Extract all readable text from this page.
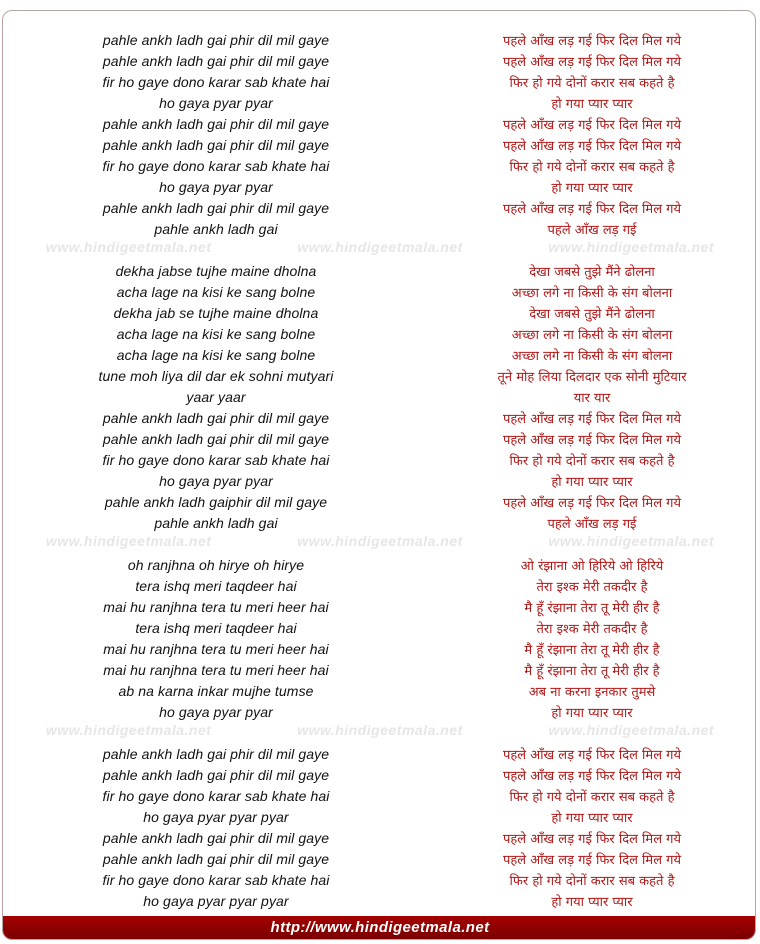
pahle ankh ladh gai phir dil mil gaye	पहले आँख लड़ गई फिर दिल मिल गये
pahle ankh ladh gai phir dil mil gaye	पहले आँख लड़ गई फिर दिल मिल गये
fir ho gaye dono karar sab khate hai	फिर हो गये दोनों करार सब कहते है
ho gaya pyar pyar	हो गया प्यार प्यार
pahle ankh ladh gai phir dil mil gaye	पहले आँख लड़ गई फिर दिल मिल गये
pahle ankh ladh gai phir dil mil gaye	पहले आँख लड़ गई फिर दिल मिल गये
fir ho gaye dono karar sab khate hai	फिर हो गये दोनों करार सब कहते है
ho gaya pyar pyar	हो गया प्यार प्यार
pahle ankh ladh gai phir dil mil gaye	पहले आँख लड़ गई फिर दिल मिल गये
pahle ankh ladh gai	पहले आँख लड़ गई
dekha jabse tujhe maine dholna	देखा जबसे तुझे मैंने ढोलना
acha lage na kisi ke sang bolne	अच्छा लगे ना किसी के संग बोलना
dekha jab se tujhe maine dholna	देखा जबसे तुझे मैंने ढोलना
acha lage na kisi ke sang bolne	अच्छा लगे ना किसी के संग बोलना
acha lage na kisi ke sang bolne	अच्छा लगे ना किसी के संग बोलना
tune moh liya dil dar ek sohni mutyari	तूने मोह लिया दिलदार एक सोनी मुटियार
yaar yaar	यार यार
pahle ankh ladh gai phir dil mil gaye	पहले आँख लड़ गई फिर दिल मिल गये
pahle ankh ladh gai phir dil mil gaye	पहले आँख लड़ गई फिर दिल मिल गये
fir ho gaye dono karar sab khate hai	फिर हो गये दोनों करार सब कहते है
ho gaya pyar pyar	हो गया प्यार प्यार
pahle ankh ladh gaiphir dil mil gaye	पहले आँख लड़ गई फिर दिल मिल गये
pahle ankh ladh gai	पहले आँख लड़ गई
oh ranjhna oh hirye oh hirye	ओ रंझाना ओ हिरिये ओ हिरिये
tera ishq meri taqdeer hai	तेरा इश्क मेरी तकदीर है
mai hu ranjhna tera tu meri heer hai	मै हूँ रंझाना तेरा तू मेरी हीर है
tera ishq meri taqdeer hai	तेरा इश्क मेरी तकदीर है
mai hu ranjhna tera tu meri heer hai	मै हूँ रंझाना तेरा तू मेरी हीर है
mai hu ranjhna tera tu meri heer hai	मै हूँ रंझाना तेरा तू मेरी हीर है
ab na karna inkar mujhe tumse	अब ना करना इनकार तुमसे
ho gaya pyar pyar	हो गया प्यार प्यार
pahle ankh ladh gai phir dil mil gaye	पहले आँख लड़ गई फिर दिल मिल गये
pahle ankh ladh gai phir dil mil gaye	पहले आँख लड़ गई फिर दिल मिल गये
fir ho gaye dono karar sab khate hai	फिर हो गये दोनों करार सब कहते है
ho gaya pyar pyar pyar	हो गया प्यार प्यार
pahle ankh ladh gai phir dil mil gaye	पहले आँख लड़ गई फिर दिल मिल गये
pahle ankh ladh gai phir dil mil gaye	पहले आँख लड़ गई फिर दिल मिल गये
fir ho gaye dono karar sab khate hai	फिर हो गये दोनों करार सब कहते है
ho gaya pyar pyar pyar	हो गया प्यार प्यार
www.hindigeetmala.net	www.hindigeetmala.net	www.hindigeetmala.net
www.hindigeetmala.net	www.hindigeetmala.net	www.hindigeetmala.net
www.hindigeetmala.net	www.hindigeetmala.net	www.hindigeetmala.net
http://www.hindigeetmala.net
